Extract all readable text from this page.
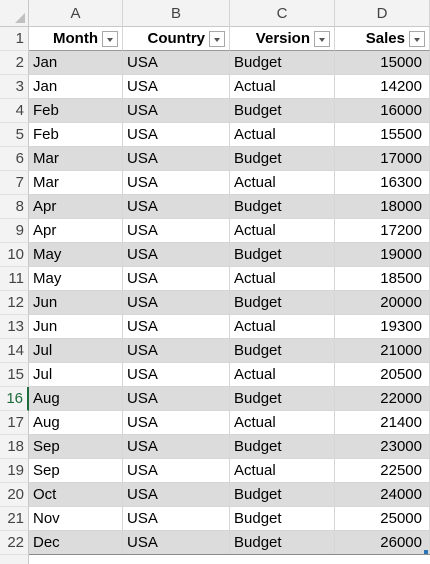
A	B	C	D
1	Month	Country	Version	Sales
2 Jan	USA	Budget	15000
3 Jan	USA	Actual	14200
4 Feb	USA	Budget	16000
5 Feb	USA	Actual	15500
6 Mar	USA	Budget	17000
7 Mar	USA	Actual	16300
8 Apr	USA	Budget	18000
9 Apr	USA	Actual	17200
10 May	USA	Budget	19000
11 May	USA	Actual	18500
12 Jun	USA	Budget	20000
13 Jun	USA	Actual	19300
14 Jul	USA	Budget	21000
15 Jul	USA	Actual	20500
16 Aug	USA	Budget	22000
17 Aug	USA	Actual	21400
18 Sep	USA	Budget	23000
19 Sep	USA	Actual	22500
20 Oct	USA	Budget	24000
21 Nov	USA	Budget	25000
22 Dec	USA	Budget	26000
